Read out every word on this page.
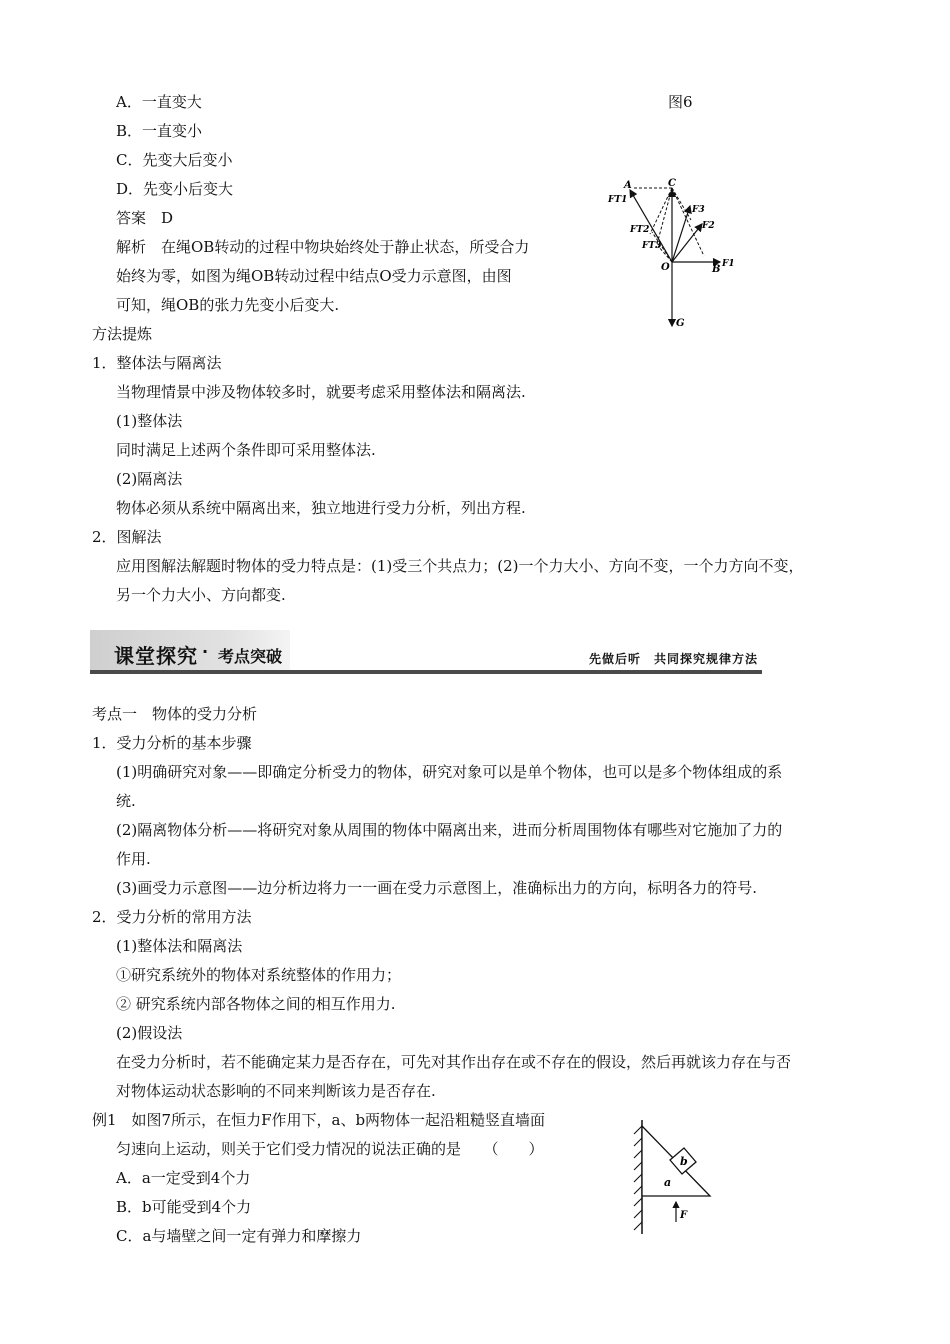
A．一直变大	图6
B．一直变小
C．先变大后变小
D．先变小后变大
答案　D
解析　在绳OB转动的过程中物块始终处于静止状态，所受合力
始终为零，如图为绳OB转动过程中结点O受力示意图，由图
可知，绳OB的张力先变小后变大.
A	C
F3
F2
FT1
FT2
FT3
O	B F1
G
方法提炼
1．整体法与隔离法
当物理情景中涉及物体较多时，就要考虑采用整体法和隔离法.
(1)整体法
同时满足上述两个条件即可采用整体法.
(2)隔离法
物体必须从系统中隔离出来，独立地进行受力分析，列出方程.
2．图解法
应用图解法解题时物体的受力特点是：(1)受三个共点力；(2)一个力大小、方向不变，一个力方向不变，
另一个力大小、方向都变.
课堂探究 · 考点突破	先做后听　共同探究规律方法
考点一　物体的受力分析
1．受力分析的基本步骤
(1)明确研究对象——即确定分析受力的物体，研究对象可以是单个物体，也可以是多个物体组成的系
统.
(2)隔离物体分析——将研究对象从周围的物体中隔离出来，进而分析周围物体有哪些对它施加了力的
作用.
(3)画受力示意图——边分析边将力一一画在受力示意图上，准确标出力的方向，标明各力的符号.
2．受力分析的常用方法
(1)整体法和隔离法
①研究系统外的物体对系统整体的作用力；
② 研究系统内部各物体之间的相互作用力.
(2)假设法
在受力分析时，若不能确定某力是否存在，可先对其作出存在或不存在的假设，然后再就该力存在与否
对物体运动状态影响的不同来判断该力是否存在.
例1　如图7所示，在恒力F作用下，a、b两物体一起沿粗糙竖直墙面
匀速向上运动，则关于它们受力情况的说法正确的是　　（　　）
A．a一定受到4个力
B．b可能受到4个力
C．a与墙壁之间一定有弹力和摩擦力
b
a
F
